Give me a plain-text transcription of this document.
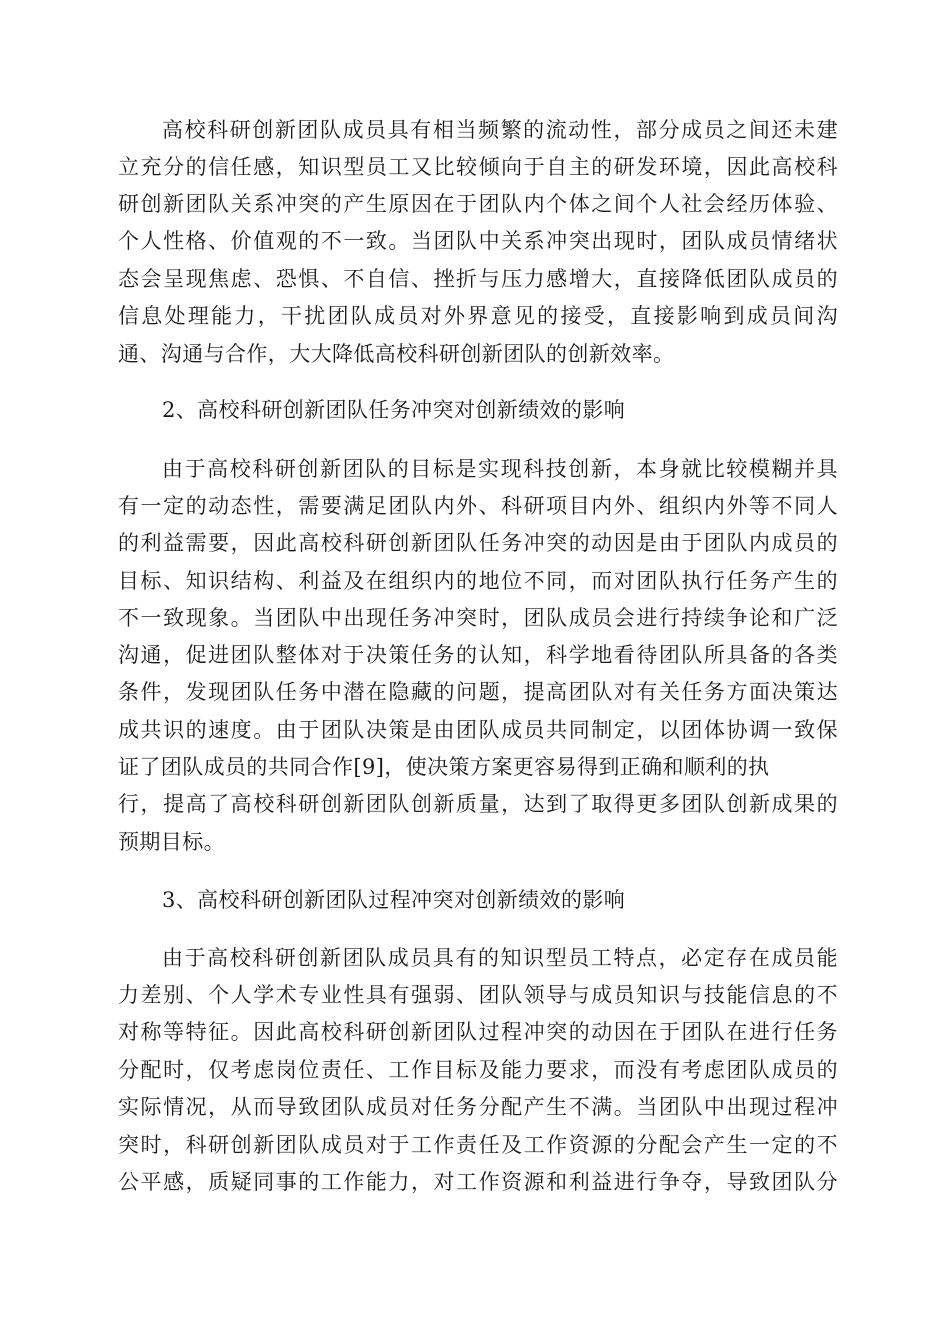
高校科研创新团队成员具有相当频繁的流动性，部分成员之间还未建
立充分的信任感，知识型员工又比较倾向于自主的研发环境，因此高校科
研创新团队关系冲突的产生原因在于团队内个体之间个人社会经历体验、
个人性格、价值观的不一致。当团队中关系冲突出现时，团队成员情绪状
态会呈现焦虑、恐惧、不自信、挫折与压力感增大，直接降低团队成员的
信息处理能力，干扰团队成员对外界意见的接受，直接影响到成员间沟
通、沟通与合作，大大降低高校科研创新团队的创新效率。
2、高校科研创新团队任务冲突对创新绩效的影响
由于高校科研创新团队的目标是实现科技创新，本身就比较模糊并具
有一定的动态性，需要满足团队内外、科研项目内外、组织内外等不同人
的利益需要，因此高校科研创新团队任务冲突的动因是由于团队内成员的
目标、知识结构、利益及在组织内的地位不同，而对团队执行任务产生的
不一致现象。当团队中出现任务冲突时，团队成员会进行持续争论和广泛
沟通，促进团队整体对于决策任务的认知，科学地看待团队所具备的各类
条件，发现团队任务中潜在隐藏的问题，提高团队对有关任务方面决策达
成共识的速度。由于团队决策是由团队成员共同制定，以团体协调一致保
证了团队成员的共同合作[9]，使决策方案更容易得到正确和顺利的执
行，提高了高校科研创新团队创新质量，达到了取得更多团队创新成果的
预期目标。
3、高校科研创新团队过程冲突对创新绩效的影响
由于高校科研创新团队成员具有的知识型员工特点，必定存在成员能
力差别、个人学术专业性具有强弱、团队领导与成员知识与技能信息的不
对称等特征。因此高校科研创新团队过程冲突的动因在于团队在进行任务
分配时，仅考虑岗位责任、工作目标及能力要求，而没有考虑团队成员的
实际情况，从而导致团队成员对任务分配产生不满。当团队中出现过程冲
突时，科研创新团队成员对于工作责任及工作资源的分配会产生一定的不
公平感，质疑同事的工作能力，对工作资源和利益进行争夺，导致团队分
